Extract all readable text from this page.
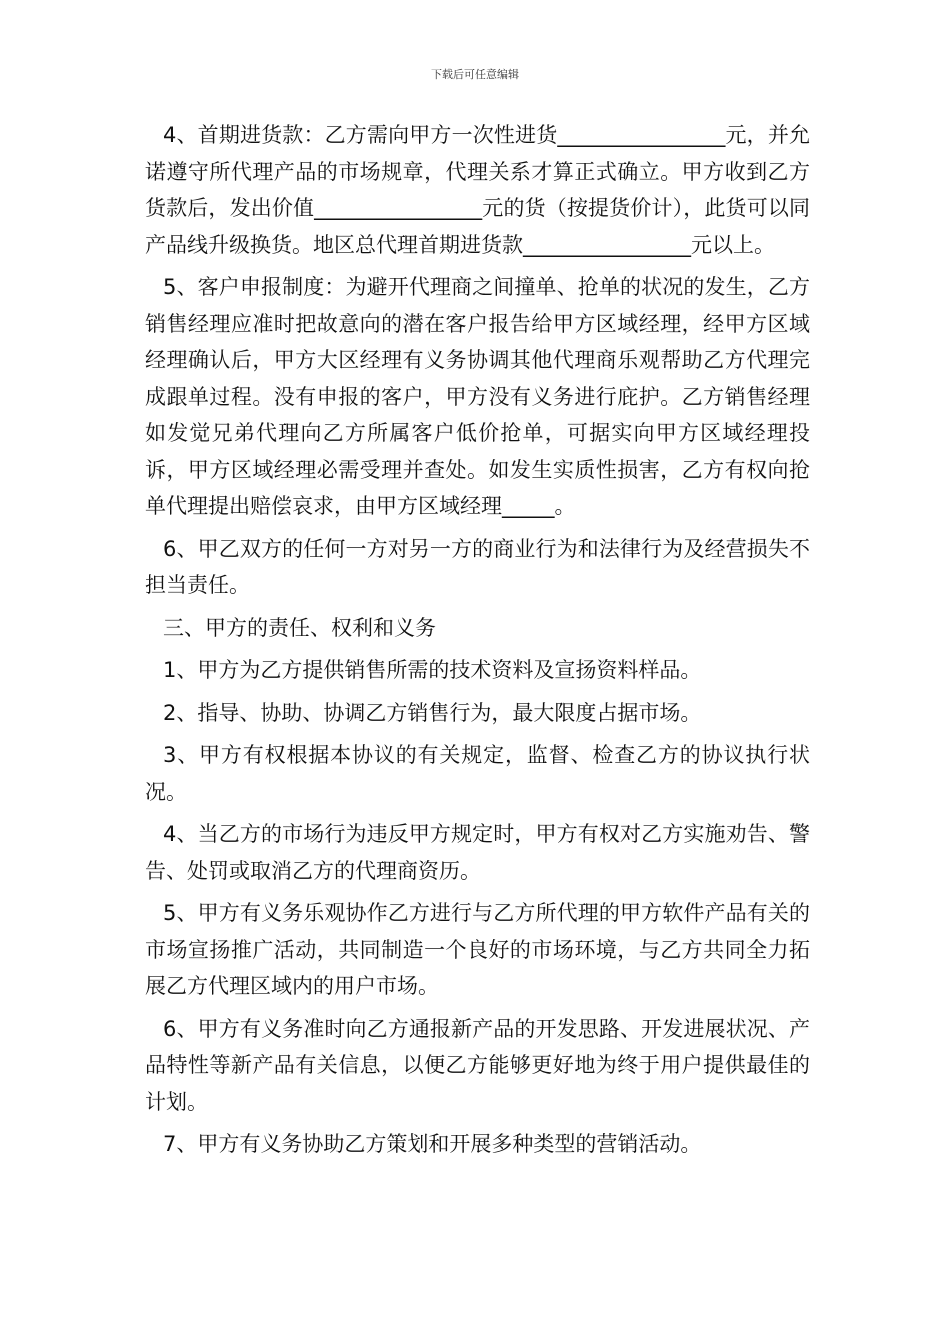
下载后可任意编辑

4、首期进货款：乙方需向甲方一次性进货________________元，并允诺遵守所代理产品的市场规章，代理关系才算正式确立。甲方收到乙方货款后，发出价值________________元的货（按提货价计），此货可以同产品线升级换货。地区总代理首期进货款________________元以上。

5、客户申报制度：为避开代理商之间撞单、抢单的状况的发生，乙方销售经理应准时把故意向的潜在客户报告给甲方区域经理，经甲方区域经理确认后，甲方大区经理有义务协调其他代理商乐观帮助乙方代理完成跟单过程。没有申报的客户，甲方没有义务进行庇护。乙方销售经理如发觉兄弟代理向乙方所属客户低价抢单，可据实向甲方区域经理投诉，甲方区域经理必需受理并查处。如发生实质性损害，乙方有权向抢单代理提出赔偿哀求，由甲方区域经理_____。

6、甲乙双方的任何一方对另一方的商业行为和法律行为及经营损失不担当责任。

三、甲方的责任、权利和义务

1、甲方为乙方提供销售所需的技术资料及宣扬资料样品。

2、指导、协助、协调乙方销售行为，最大限度占据市场。

3、甲方有权根据本协议的有关规定，监督、检查乙方的协议执行状况。

4、当乙方的市场行为违反甲方规定时，甲方有权对乙方实施劝告、警告、处罚或取消乙方的代理商资历。

5、甲方有义务乐观协作乙方进行与乙方所代理的甲方软件产品有关的市场宣扬推广活动，共同制造一个良好的市场环境，与乙方共同全力拓展乙方代理区域内的用户市场。

6、甲方有义务准时向乙方通报新产品的开发思路、开发进展状况、产品特性等新产品有关信息，以便乙方能够更好地为终于用户提供最佳的计划。

7、甲方有义务协助乙方策划和开展多种类型的营销活动。
